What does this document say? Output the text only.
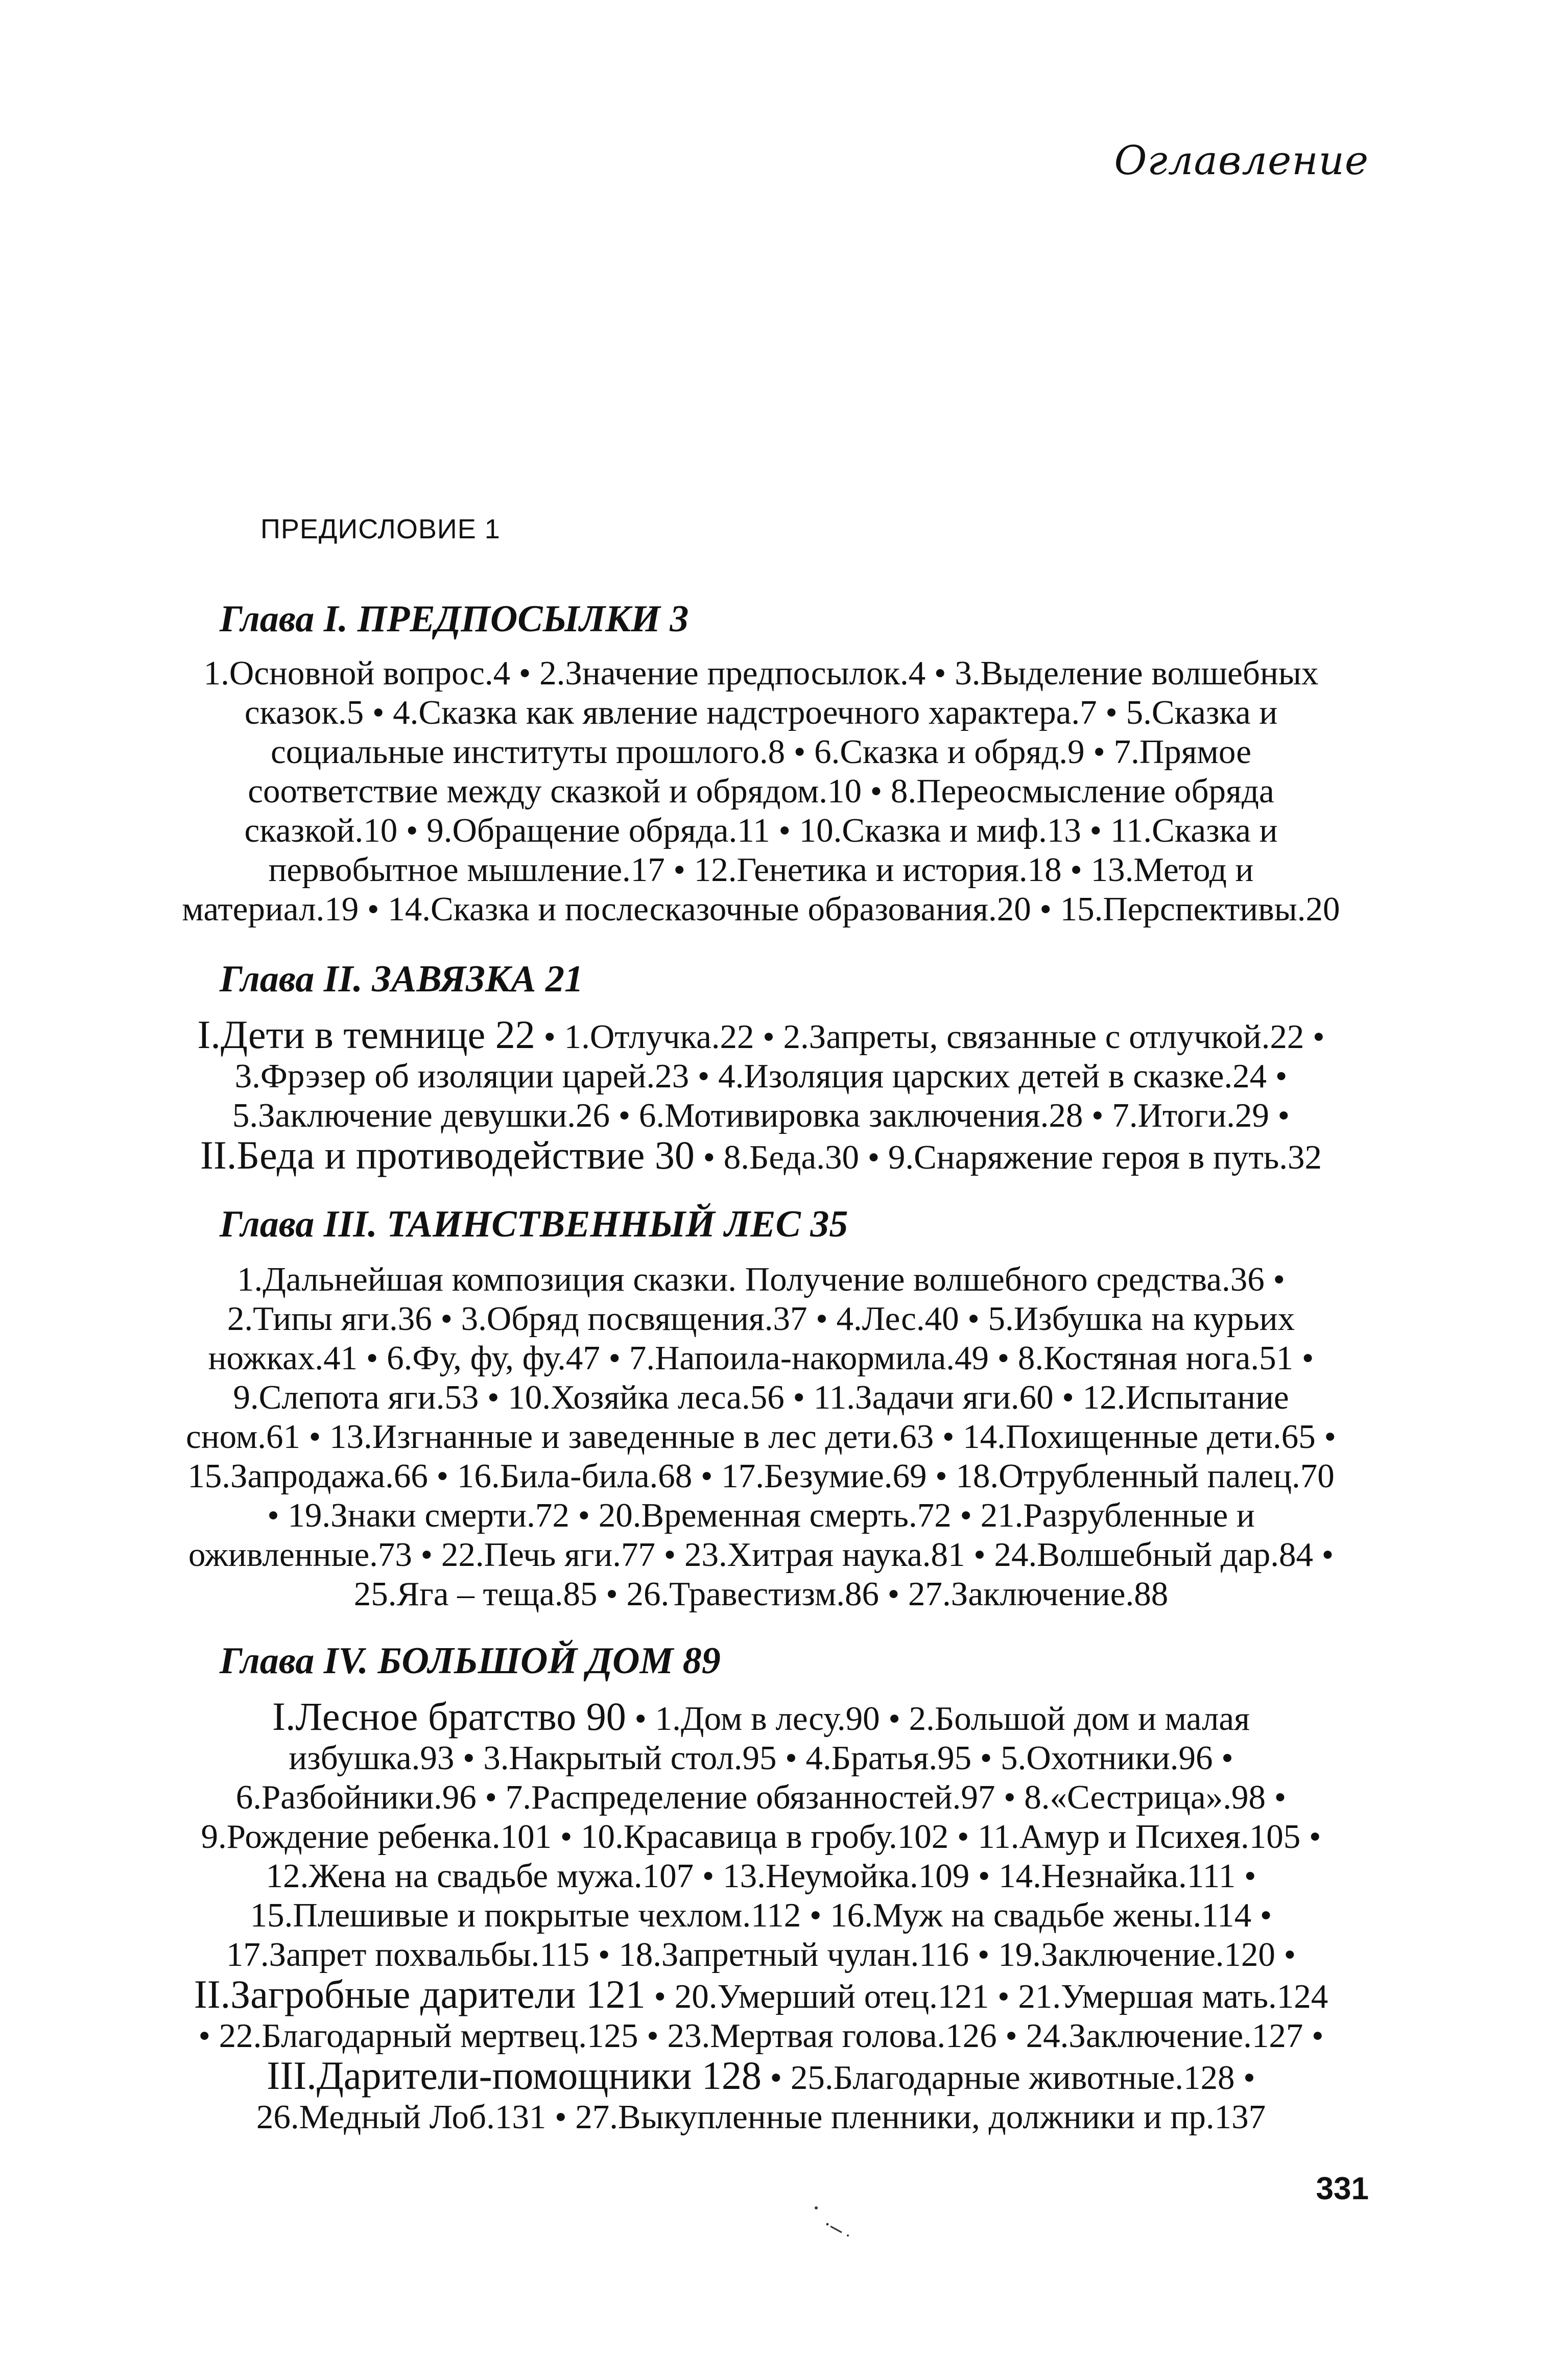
Оглавление
ПРЕДИСЛОВИЕ 1
Глава I. ПРЕДПОСЫЛКИ 3
1.Основной вопрос.4 • 2.Значение предпосылок.4 • 3.Выделение волшебных
сказок.5 • 4.Сказка как явление надстроечного характера.7 • 5.Сказка и
социальные институты прошлого.8 • 6.Сказка и обряд.9 • 7.Прямое
соответствие между сказкой и обрядом.10 • 8.Переосмысление обряда
сказкой.10 • 9.Обращение обряда.11 • 10.Сказка и миф.13 • 11.Сказка и
первобытное мышление.17 • 12.Генетика и история.18 • 13.Метод и
материал.19 • 14.Сказка и послесказочные образования.20 • 15.Перспективы.20
Глава II. ЗАВЯЗКА 21
I.Дети в темнице 22 • 1.Отлучка.22 • 2.Запреты, связанные с отлучкой.22 •
3.Фрэзер об изоляции царей.23 • 4.Изоляция царских детей в сказке.24 •
5.Заключение девушки.26 • 6.Мотивировка заключения.28 • 7.Итоги.29 •
II.Беда и противодействие 30 • 8.Беда.30 • 9.Снаряжение героя в путь.32
Глава III. ТАИНСТВЕННЫЙ ЛЕС 35
1.Дальнейшая композиция сказки. Получение волшебного средства.36 •
2.Типы яги.36 • 3.Обряд посвящения.37 • 4.Лес.40 • 5.Избушка на курьих
ножках.41 • 6.Фу, фу, фу.47 • 7.Напоила-накормила.49 • 8.Костяная нога.51 •
9.Слепота яги.53 • 10.Хозяйка леса.56 • 11.Задачи яги.60 • 12.Испытание
сном.61 • 13.Изгнанные и заведенные в лес дети.63 • 14.Похищенные дети.65 •
15.Запродажа.66 • 16.Била-била.68 • 17.Безумие.69 • 18.Отрубленный палец.70
• 19.Знаки смерти.72 • 20.Временная смерть.72 • 21.Разрубленные и
оживленные.73 • 22.Печь яги.77 • 23.Хитрая наука.81 • 24.Волшебный дар.84 •
25.Яга – теща.85 • 26.Травестизм.86 • 27.Заключение.88
Глава IV. БОЛЬШОЙ ДОМ 89
I.Лесное братство 90 • 1.Дом в лесу.90 • 2.Большой дом и малая
избушка.93 • 3.Накрытый стол.95 • 4.Братья.95 • 5.Охотники.96 •
6.Разбойники.96 • 7.Распределение обязанностей.97 • 8.«Сестрица».98 •
9.Рождение ребенка.101 • 10.Красавица в гробу.102 • 11.Амур и Психея.105 •
12.Жена на свадьбе мужа.107 • 13.Неумойка.109 • 14.Незнайка.111 •
15.Плешивые и покрытые чехлом.112 • 16.Муж на свадьбе жены.114 •
17.Запрет похвальбы.115 • 18.Запретный чулан.116 • 19.Заключение.120 •
II.Загробные дарители 121 • 20.Умерший отец.121 • 21.Умершая мать.124
• 22.Благодарный мертвец.125 • 23.Мертвая голова.126 • 24.Заключение.127 •
III.Дарители-помощники 128 • 25.Благодарные животные.128 •
26.Медный Лоб.131 • 27.Выкупленные пленники, должники и пр.137
331
